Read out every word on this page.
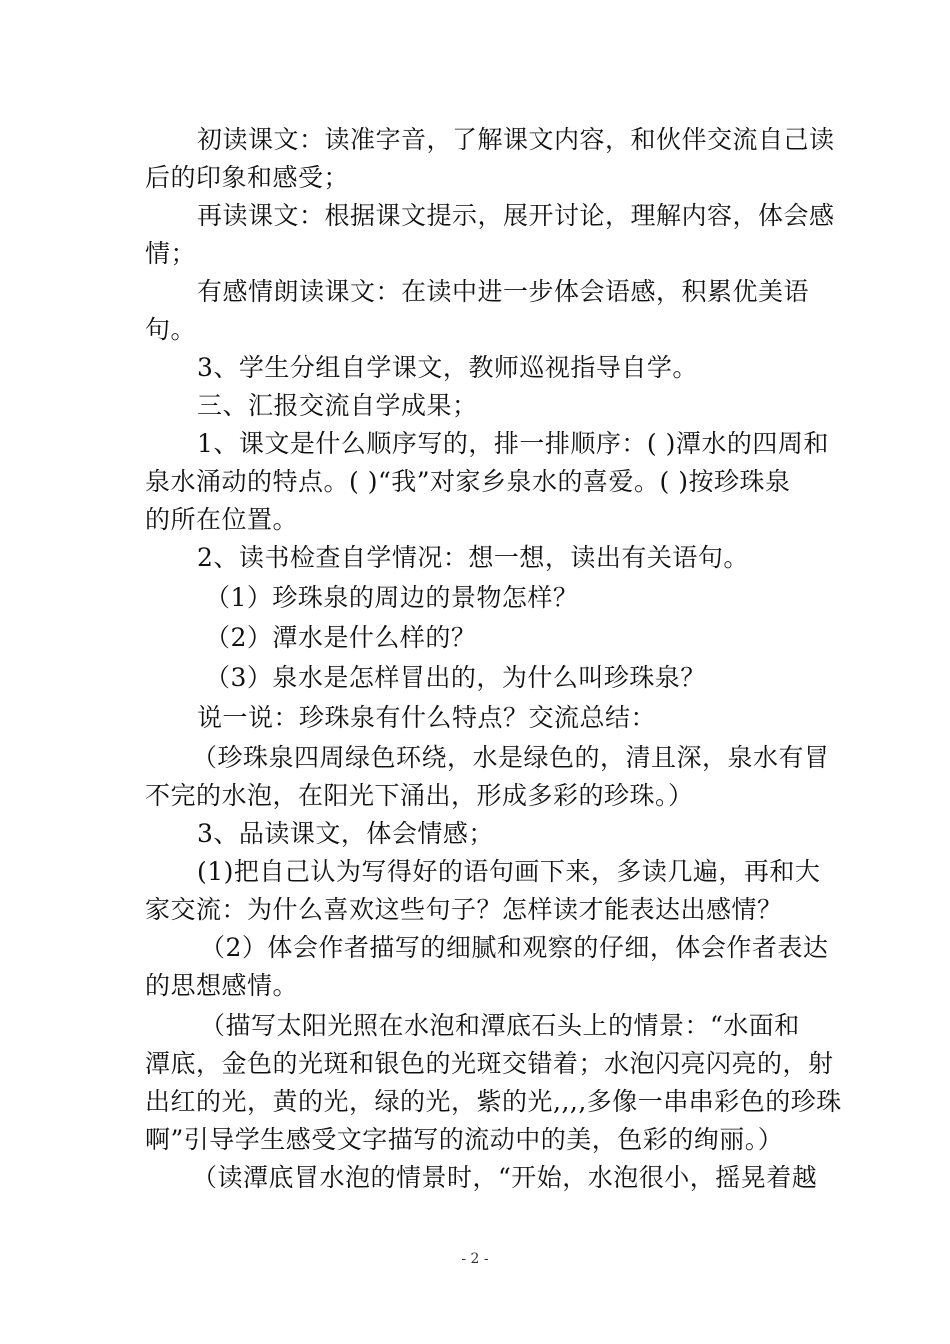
初读课文：读准字音，了解课文内容，和伙伴交流自己读
后的印象和感受；
再读课文：根据课文提示，展开讨论，理解内容，体会感
情；
有感情朗读课文：在读中进一步体会语感，积累优美语
句。
3、学生分组自学课文，教师巡视指导自学。
三、汇报交流自学成果；
1、课文是什么顺序写的，排一排顺序：( )潭水的四周和
泉水涌动的特点。( )“我”对家乡泉水的喜爱。( )按珍珠泉
的所在位置。
2、读书检查自学情况：想一想，读出有关语句。
（1）珍珠泉的周边的景物怎样？
（2）潭水是什么样的？
（3）泉水是怎样冒出的，为什么叫珍珠泉？
说一说：珍珠泉有什么特点？交流总结：
（珍珠泉四周绿色环绕，水是绿色的，清且深，泉水有冒
不完的水泡，在阳光下涌出，形成多彩的珍珠。）
3、品读课文，体会情感；
(1)把自己认为写得好的语句画下来，多读几遍，再和大
家交流：为什么喜欢这些句子？怎样读才能表达出感情？
（2）体会作者描写的细腻和观察的仔细，体会作者表达
的思想感情。
（描写太阳光照在水泡和潭底石头上的情景：“水面和
潭底，金色的光斑和银色的光斑交错着；水泡闪亮闪亮的，射
出红的光，黄的光，绿的光，紫的光,,,,多像一串串彩色的珍珠
啊”引导学生感受文字描写的流动中的美，色彩的绚丽。）
（读潭底冒水泡的情景时，“开始，水泡很小，摇晃着越
- 2 -
